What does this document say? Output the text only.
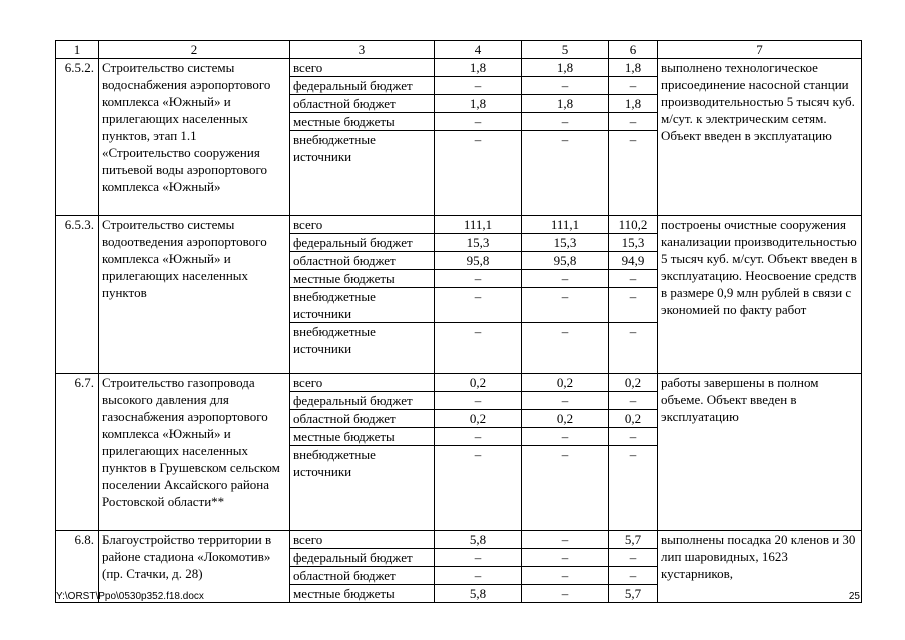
1	2	3	4	5	6	7
6.5.2.	Строительство системы водоснабжения аэропортового комплекса «Южный» и прилегающих населенных пунктов, этап 1.1 «Строительство сооружения питьевой воды аэропортового комплекса «Южный»	всего	1,8	1,8	1,8	выполнено технологическое присоединение насосной станции производительностью 5 тысяч куб. м/сут. к электрическим сетям. Объект введен в эксплуатацию
		федеральный бюджет	–	–	–	
		областной бюджет	1,8	1,8	1,8	
		местные бюджеты	–	–	–	
		внебюджетные источники	–	–	–	
6.5.3.	Строительство системы водоотведения аэропортового комплекса «Южный» и прилегающих населенных пунктов	всего	111,1	111,1	110,2	построены очистные сооружения канализации производительностью 5 тысяч куб. м/сут. Объект введен в эксплуатацию. Неосвоение средств в размере 0,9 млн рублей в связи с экономией по факту работ
		федеральный бюджет	15,3	15,3	15,3	
		областной бюджет	95,8	95,8	94,9	
		местные бюджеты	–	–	–	
		внебюджетные источники	–	–	–	
		внебюджетные источники	–	–	–	
6.7.	Строительство газопровода высокого давления для газоснабжения аэропортового комплекса «Южный» и прилегающих населенных пунктов в Грушевском сельском поселении Аксайского района Ростовской области**	всего	0,2	0,2	0,2	работы завершены в полном объеме. Объект введен в эксплуатацию
		федеральный бюджет	–	–	–	
		областной бюджет	0,2	0,2	0,2	
		местные бюджеты	–	–	–	
		внебюджетные источники	–	–	–	
6.8.	Благоустройство территории в районе стадиона «Локомотив» (пр. Стачки, д. 28)	всего	5,8	–	5,7	выполнены посадка 20 кленов и 30 лип шаровидных, 1623 кустарников,
		федеральный бюджет	–	–	–	
		областной бюджет	–	–	–	
		местные бюджеты	5,8	–	5,7	
Y:\ORST\Ppo\0530p352.f18.docx	25
